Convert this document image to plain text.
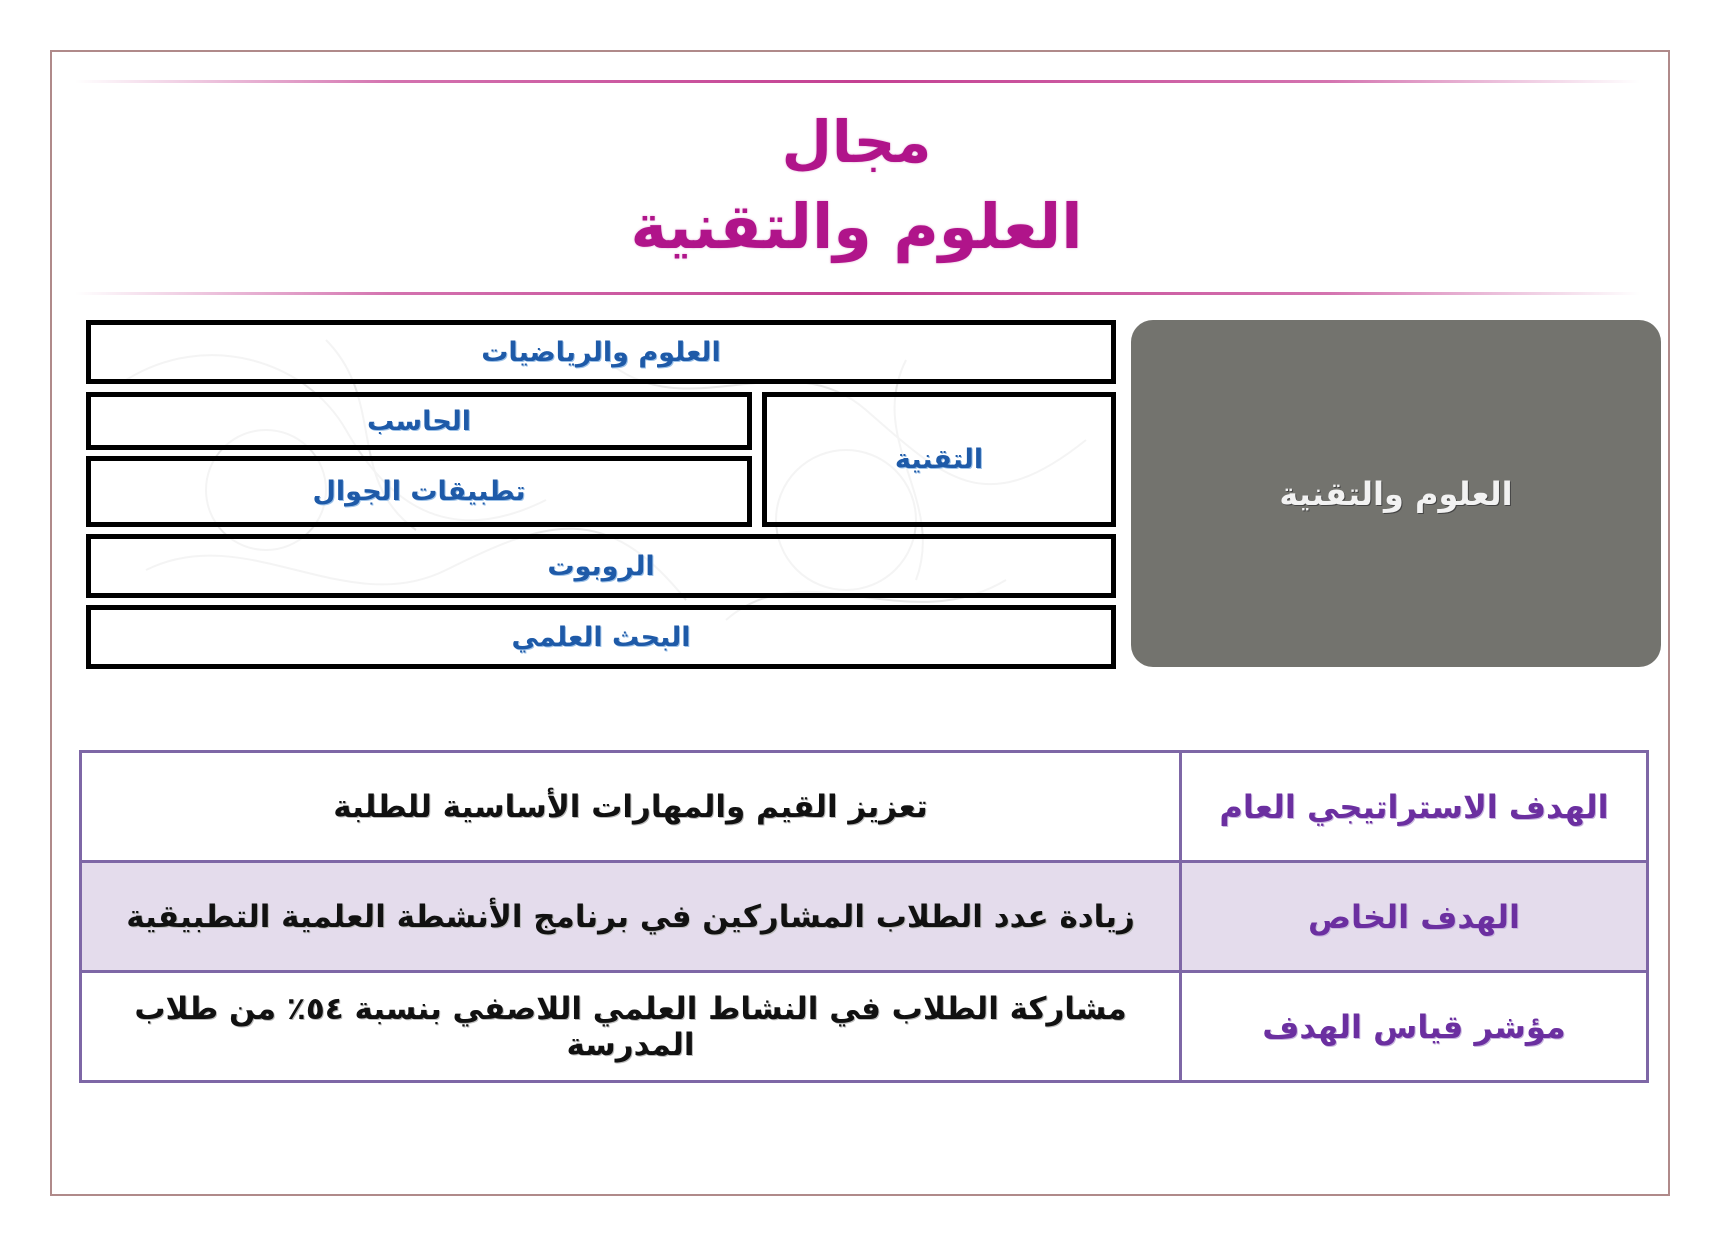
مجال
العلوم والتقنية
العلوم والرياضيات
التقنية
الحاسب
تطبيقات الجوال
الروبوت
البحث العلمي
العلوم والتقنية
الهدف الاستراتيجي العام	تعزيز القيم والمهارات الأساسية للطلبة
الهدف الخاص	زيادة عدد الطلاب المشاركين في برنامج الأنشطة العلمية التطبيقية
مؤشر قياس الهدف	مشاركة الطلاب في النشاط العلمي اللاصفي بنسبة ٥٤٪ من طلاب المدرسة
